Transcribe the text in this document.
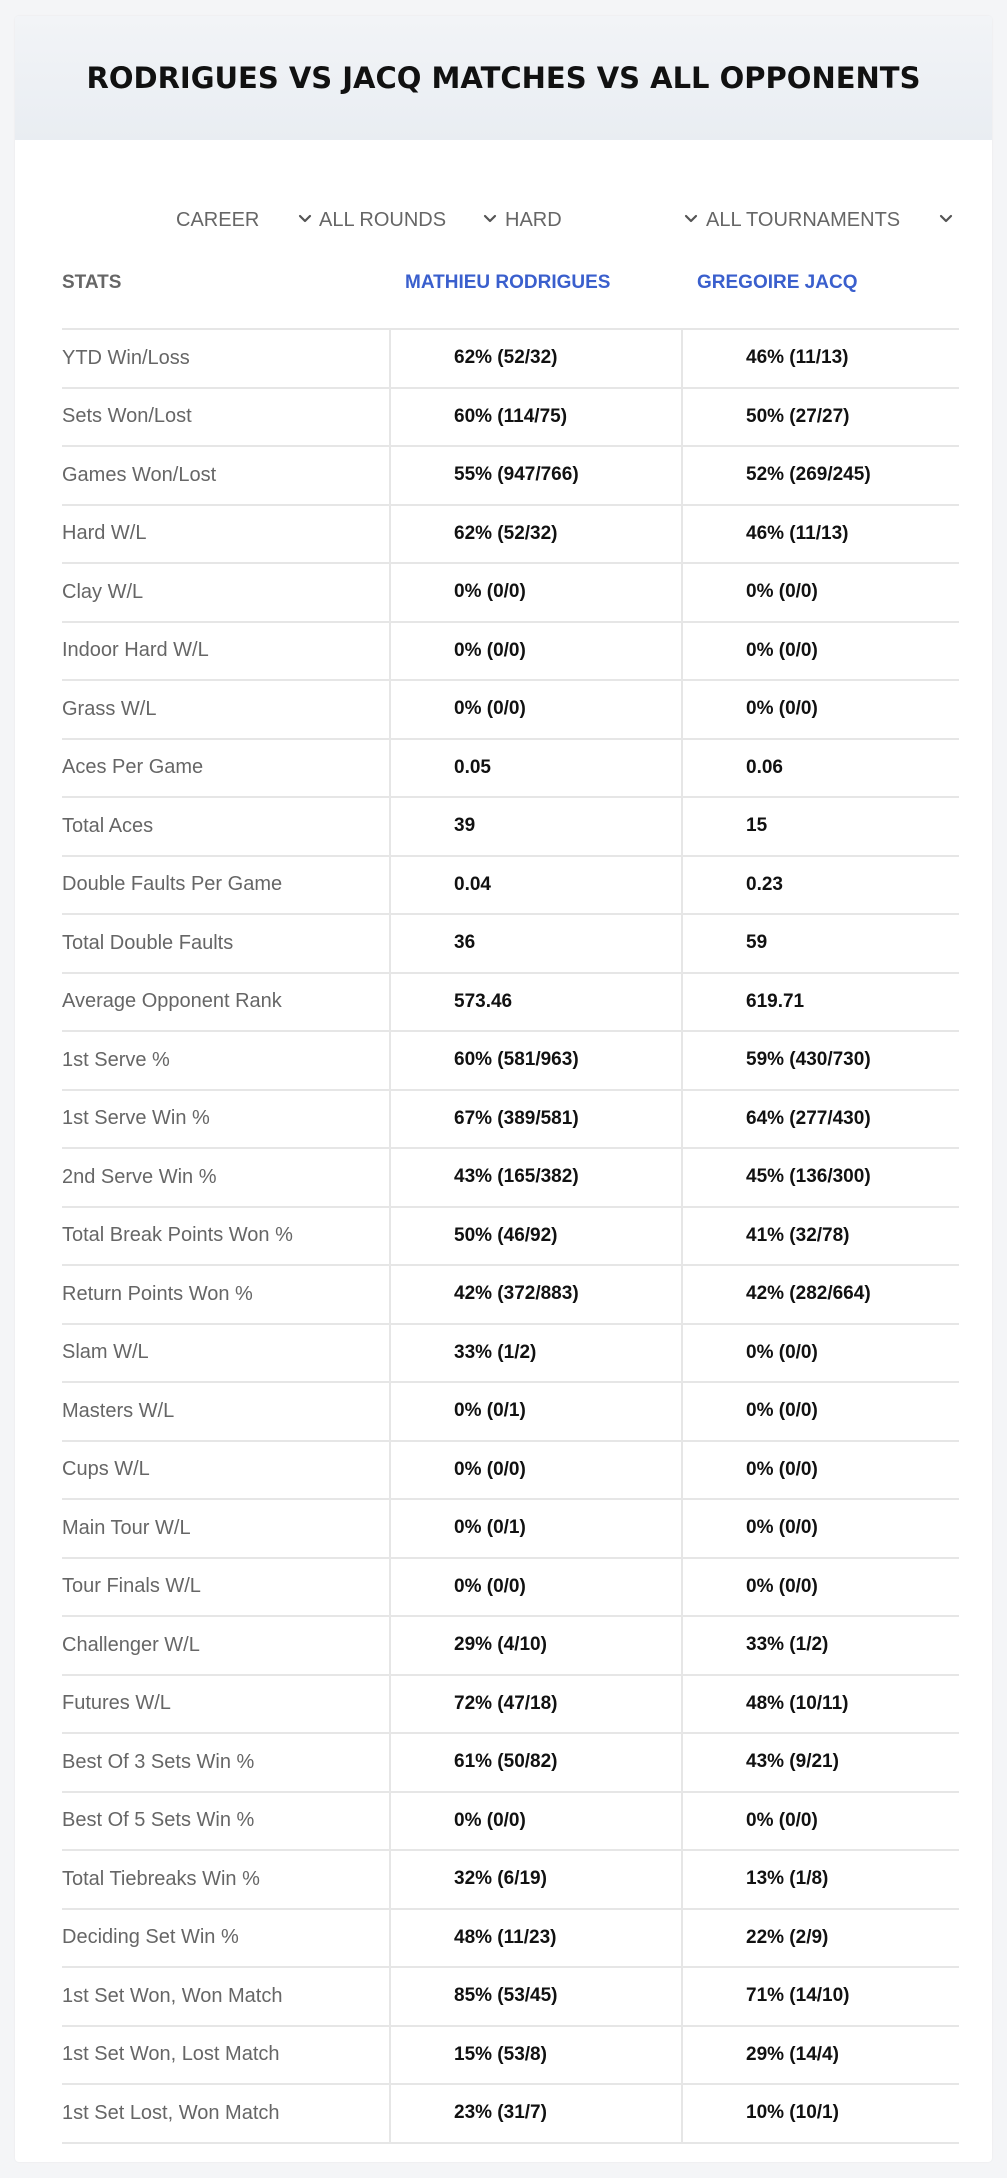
RODRIGUES VS JACQ MATCHES VS ALL OPPONENTS
CAREER	ALL ROUNDS	HARD	ALL TOURNAMENTS
STATS	MATHIEU RODRIGUES	GREGOIRE JACQ
YTD Win/Loss	62% (52/32)	46% (11/13)
Sets Won/Lost	60% (114/75)	50% (27/27)
Games Won/Lost	55% (947/766)	52% (269/245)
Hard W/L	62% (52/32)	46% (11/13)
Clay W/L	0% (0/0)	0% (0/0)
Indoor Hard W/L	0% (0/0)	0% (0/0)
Grass W/L	0% (0/0)	0% (0/0)
Aces Per Game	0.05	0.06
Total Aces	39	15
Double Faults Per Game	0.04	0.23
Total Double Faults	36	59
Average Opponent Rank	573.46	619.71
1st Serve %	60% (581/963)	59% (430/730)
1st Serve Win %	67% (389/581)	64% (277/430)
2nd Serve Win %	43% (165/382)	45% (136/300)
Total Break Points Won %	50% (46/92)	41% (32/78)
Return Points Won %	42% (372/883)	42% (282/664)
Slam W/L	33% (1/2)	0% (0/0)
Masters W/L	0% (0/1)	0% (0/0)
Cups W/L	0% (0/0)	0% (0/0)
Main Tour W/L	0% (0/1)	0% (0/0)
Tour Finals W/L	0% (0/0)	0% (0/0)
Challenger W/L	29% (4/10)	33% (1/2)
Futures W/L	72% (47/18)	48% (10/11)
Best Of 3 Sets Win %	61% (50/82)	43% (9/21)
Best Of 5 Sets Win %	0% (0/0)	0% (0/0)
Total Tiebreaks Win %	32% (6/19)	13% (1/8)
Deciding Set Win %	48% (11/23)	22% (2/9)
1st Set Won, Won Match	85% (53/45)	71% (14/10)
1st Set Won, Lost Match	15% (53/8)	29% (14/4)
1st Set Lost, Won Match	23% (31/7)	10% (10/1)
